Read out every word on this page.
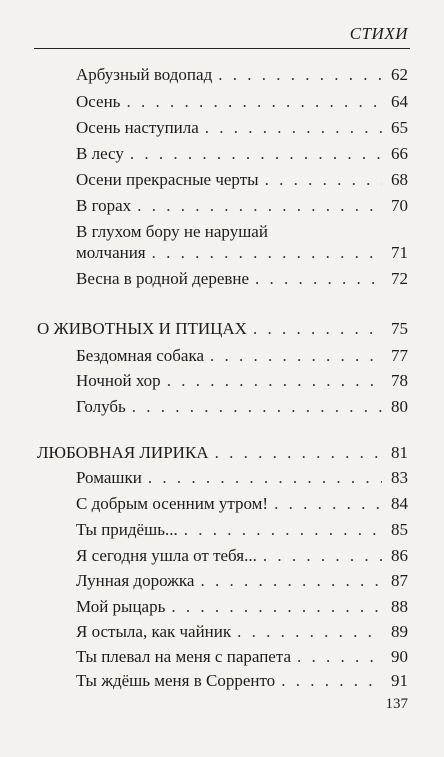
СТИХИ
Арбузный водопад . . .	62
Осень . . .	64
Осень наступила . . .	65
В лесу . . .	66
Осени прекрасные черты . . .	68
В горах . . .	70
В глухом бору не нарушай
молчания . . .	71
Весна в родной деревне . . .	72
О ЖИВОТНЫХ И ПТИЦАХ . . .	75
Бездомная собака . . .	77
Ночной хор . . .	78
Голубь . . .	80
ЛЮБОВНАЯ ЛИРИКА . . .	81
Ромашки . . .	83
С добрым осенним утром! . . .	84
Ты придёшь... . . .	85
Я сегодня ушла от тебя... . . .	86
Лунная дорожка . . .	87
Мой рыцарь . . .	88
Я остыла, как чайник . . .	89
Ты плевал на меня с парапета . . .	90
Ты ждёшь меня в Сорренто . . .	91
137
